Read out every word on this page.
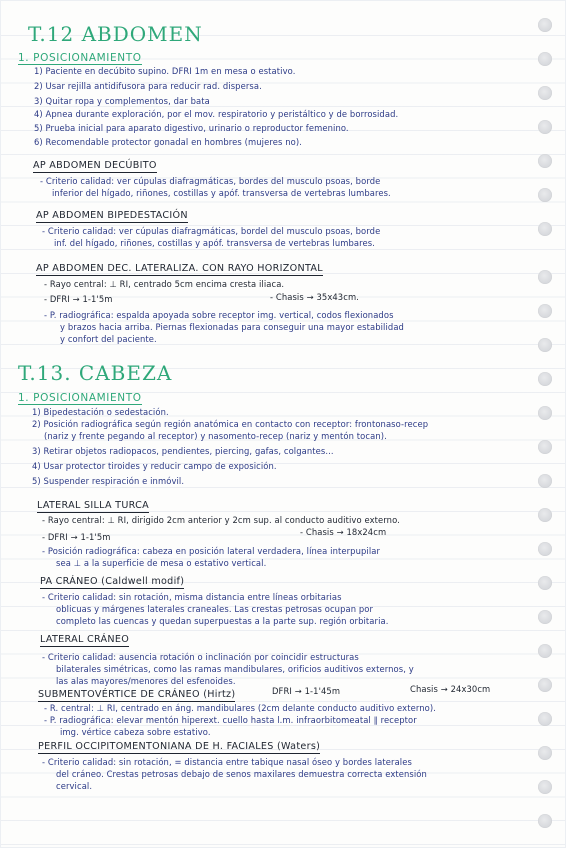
T.12 ABDOMEN
1. POSICIONAMIENTO
1) Paciente en decúbito supino. DFRI 1m en mesa o estativo.
2) Usar rejilla antidifusora para reducir rad. dispersa.
3) Quitar ropa y complementos, dar bata
4) Apnea durante exploración, por el mov. respiratorio y peristáltico y de borrosidad.
5) Prueba inicial para aparato digestivo, urinario o reproductor femenino.
6) Recomendable protector gonadal en hombres (mujeres no).
AP ABDOMEN DECÚBITO
- Criterio calidad: ver cúpulas diafragmáticas, bordes del musculo psoas, borde
inferior del hígado, riñones, costillas y apóf. transversa de vertebras lumbares.
AP ABDOMEN BIPEDESTACIÓN
- Criterio calidad: ver cúpulas diafragmáticas, bordel del musculo psoas, borde
inf. del hígado, riñones, costillas y apóf. transversa de vertebras lumbares.
AP ABDOMEN DEC. LATERALIZA. CON RAYO HORIZONTAL
- Rayo central: ⊥ RI, centrado 5cm encima cresta iliaca.
- DFRI → 1-1'5m	- Chasis → 35x43cm.
- P. radiográfica: espalda apoyada sobre receptor img. vertical, codos flexionados
y brazos hacia arriba. Piernas flexionadas para conseguir una mayor estabilidad
y confort del paciente.
T.13. CABEZA
1. POSICIONAMIENTO
1) Bipedestación o sedestación.
2) Posición radiográfica según región anatómica en contacto con receptor: frontonaso-recep
(nariz y frente pegando al receptor) y nasomento-recep (nariz y mentón tocan).
3) Retirar objetos radiopacos, pendientes, piercing, gafas, colgantes...
4) Usar protector tiroides y reducir campo de exposición.
5) Suspender respiración e inmóvil.
LATERAL SILLA TURCA
- Rayo central: ⊥ RI, dirigido 2cm anterior y 2cm sup. al conducto auditivo externo.
- Chasis → 18x24cm
- DFRI → 1-1'5m
- Posición radiográfica: cabeza en posición lateral verdadera, línea interpupilar
sea ⊥ a la superficie de mesa o estativo vertical.
PA CRÁNEO (Caldwell modif)
- Criterio calidad: sin rotación, misma distancia entre líneas orbitarias
oblicuas y márgenes laterales craneales. Las crestas petrosas ocupan por
completo las cuencas y quedan superpuestas a la parte sup. región orbitaria.
LATERAL CRÁNEO
- Criterio calidad: ausencia rotación o inclinación por coincidir estructuras
bilaterales simétricas, como las ramas mandibulares, orificios auditivos externos, y
las alas mayores/menores del esfenoides.
SUBMENTOVÉRTICE DE CRÁNEO (Hirtz)	DFRI → 1-1'45m	Chasis → 24x30cm
- R. central: ⊥ RI, centrado en áng. mandibulares (2cm delante conducto auditivo externo).
- P. radiográfica: elevar mentón hiperext. cuello hasta l.m. infraorbitomeatal ∥ receptor
img. vértice cabeza sobre estativo.
PERFIL OCCIPITOMENTONIANA DE H. FACIALES (Waters)
- Criterio calidad: sin rotación, = distancia entre tabique nasal óseo y bordes laterales
del cráneo. Crestas petrosas debajo de senos maxilares demuestra correcta extensión
cervical.
